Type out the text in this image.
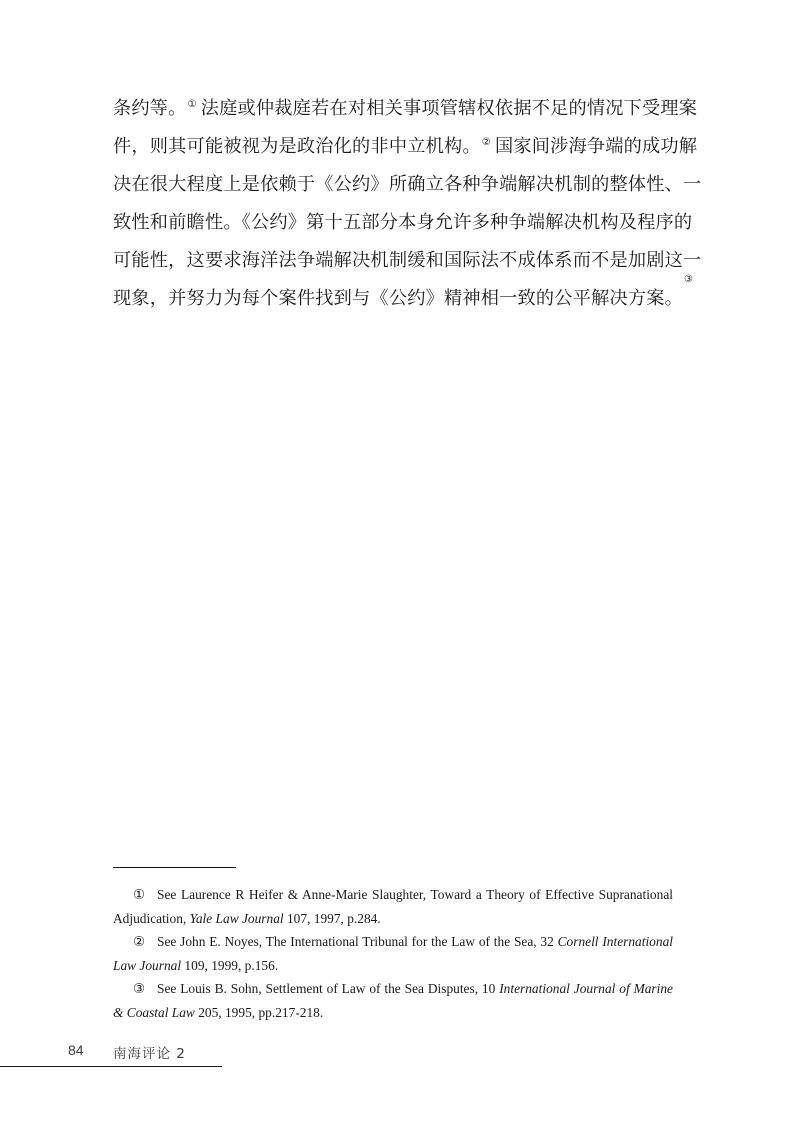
条约等。① 法庭或仲裁庭若在对相关事项管辖权依据不足的情况下受理案
件，则其可能被视为是政治化的非中立机构。② 国家间涉海争端的成功解
决在很大程度上是依赖于《公约》所确立各种争端解决机制的整体性、一
致性和前瞻性。《公约》第十五部分本身允许多种争端解决机构及程序的
可能性，这要求海洋法争端解决机制缓和国际法不成体系而不是加剧这一
现象，并努力为每个案件找到与《公约》精神相一致的公平解决方案。
③

① See Laurence R Heifer & Anne-Marie Slaughter, Toward a Theory of Effective Supranational Adjudication, Yale Law Journal 107, 1997, p.284.

② See John E. Noyes, The International Tribunal for the Law of the Sea, 32 Cornell International Law Journal 109, 1999, p.156.

③ See Louis B. Sohn, Settlement of Law of the Sea Disputes, 10 International Journal of Marine & Coastal Law 205, 1995, pp.217-218.

84 南海评论 2
